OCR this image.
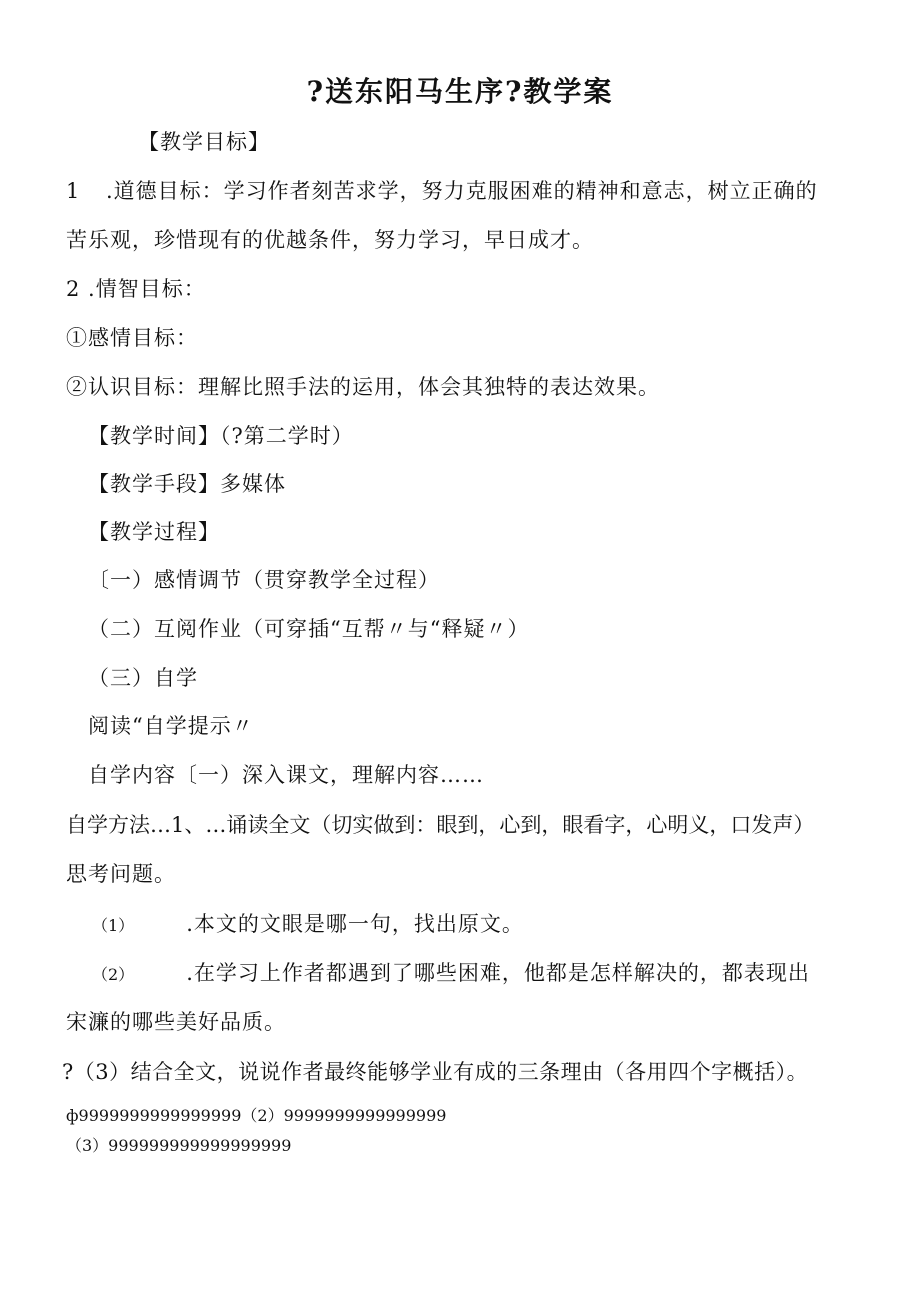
?送东阳马生序?教学案
【教学目标】
1 .道德目标：学习作者刻苦求学，努力克服困难的精神和意志，树立正确的
苦乐观，珍惜现有的优越条件，努力学习，早日成才。
2 .情智目标：
①感情目标：
②认识目标：理解比照手法的运用，体会其独特的表达效果。
【教学时间】（?第二学时）
【教学手段】多媒体
【教学过程】
〔一）感情调节（贯穿教学全过程）
（二）互阅作业（可穿插“互帮〃与“释疑〃）
（三）自学
阅读“自学提示〃
自学内容〔一）深入课文，理解内容……
自学方法…1、…诵读全文（切实做到：眼到，心到，眼看字，心明义，口发声）
思考问题。
（1） .本文的文眼是哪一句，找出原文。
（2） .在学习上作者都遇到了哪些困难，他都是怎样解决的，都表现出
宋濂的哪些美好品质。
?（3）结合全文，说说作者最终能够学业有成的三条理由（各用四个字概括）。
ф9999999999999999（2）9999999999999999
（3）999999999999999999
